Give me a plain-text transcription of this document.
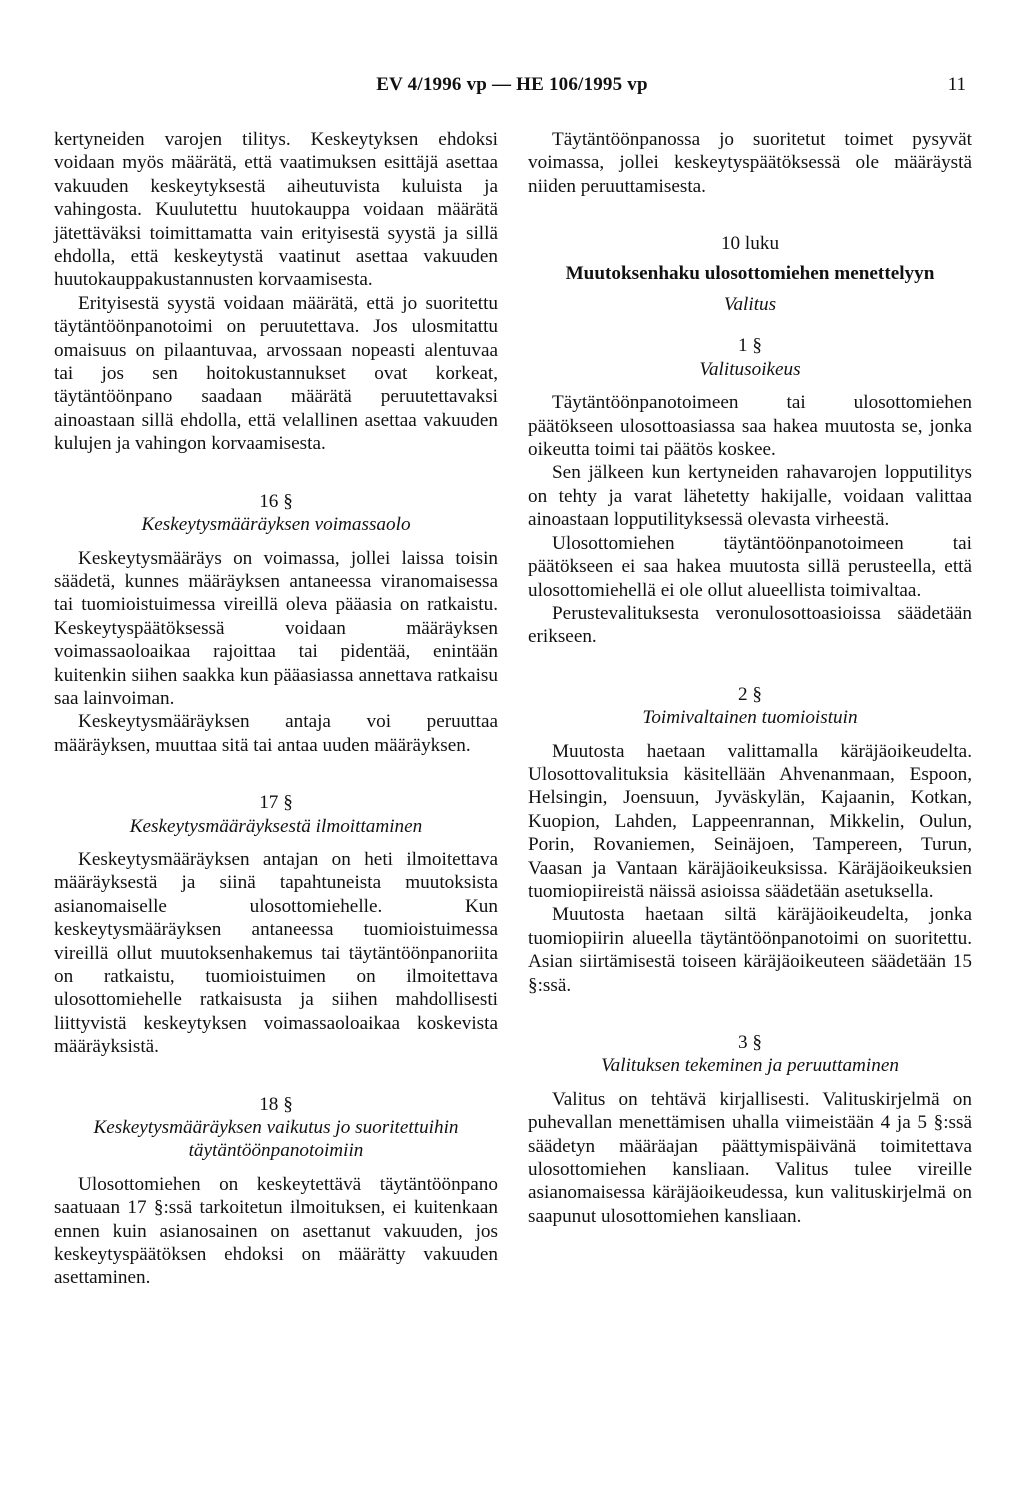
EV 4/1996 vp — HE 106/1995 vp	11

kertyneiden varojen tilitys. Keskeytyksen ehdoksi voidaan myös määrätä, että vaatimuksen esittäjä asettaa vakuuden keskeytyksestä aiheutuvista kuluista ja vahingosta. Kuulutettu huutokauppa voidaan määrätä jätettäväksi toimittamatta vain erityisestä syystä ja sillä ehdolla, että keskeytystä vaatinut asettaa vakuuden huutokauppakustannusten korvaamisesta.

Erityisestä syystä voidaan määrätä, että jo suoritettu täytäntöönpanotoimi on peruutettava. Jos ulosmitattu omaisuus on pilaantuvaa, arvossaan nopeasti alentuvaa tai jos sen hoitokustannukset ovat korkeat, täytäntöönpano saadaan määrätä peruutettavaksi ainoastaan sillä ehdolla, että velallinen asettaa vakuuden kulujen ja vahingon korvaamisesta.

16 §

Keskeytysmääräyksen voimassaolo

Keskeytysmääräys on voimassa, jollei laissa toisin säädetä, kunnes määräyksen antaneessa viranomaisessa tai tuomioistuimessa vireillä oleva pääasia on ratkaistu. Keskeytyspäätöksessä voidaan määräyksen voimassaoloaikaa rajoittaa tai pidentää, enintään kuitenkin siihen saakka kun pääasiassa annettava ratkaisu saa lainvoiman.

Keskeytysmääräyksen antaja voi peruuttaa määräyksen, muuttaa sitä tai antaa uuden määräyksen.

17 §

Keskeytysmääräyksestä ilmoittaminen

Keskeytysmääräyksen antajan on heti ilmoitettava määräyksestä ja siinä tapahtuneista muutoksista asianomaiselle ulosottomiehelle. Kun keskeytysmääräyksen antaneessa tuomioistuimessa vireillä ollut muutoksenhakemus tai täytäntöönpanoriita on ratkaistu, tuomioistuimen on ilmoitettava ulosottomiehelle ratkaisusta ja siihen mahdollisesti liittyvistä keskeytyksen voimassaoloaikaa koskevista määräyksistä.

18 §

Keskeytysmääräyksen vaikutus jo suoritettuihin täytäntöönpanotoimiin

Ulosottomiehen on keskeytettävä täytäntöönpano saatuaan 17 §:ssä tarkoitetun ilmoituksen, ei kuitenkaan ennen kuin asianosainen on asettanut vakuuden, jos keskeytyspäätöksen ehdoksi on määrätty vakuuden asettaminen.

Täytäntöönpanossa jo suoritetut toimet pysyvät voimassa, jollei keskeytyspäätöksessä ole määräystä niiden peruuttamisesta.

10 luku

Muutoksenhaku ulosottomiehen menettelyyn

Valitus

1 §

Valitusoikeus

Täytäntöönpanotoimeen tai ulosottomiehen päätökseen ulosottoasiassa saa hakea muutosta se, jonka oikeutta toimi tai päätös koskee.

Sen jälkeen kun kertyneiden rahavarojen lopputilitys on tehty ja varat lähetetty hakijalle, voidaan valittaa ainoastaan lopputilityksessä olevasta virheestä.

Ulosottomiehen täytäntöönpanotoimeen tai päätökseen ei saa hakea muutosta sillä perusteella, että ulosottomiehellä ei ole ollut alueellista toimivaltaa.

Perustevalituksesta veronulosottoasioissa säädetään erikseen.

2 §

Toimivaltainen tuomioistuin

Muutosta haetaan valittamalla käräjäoikeudelta. Ulosottovalituksia käsitellään Ahvenanmaan, Espoon, Helsingin, Joensuun, Jyväskylän, Kajaanin, Kotkan, Kuopion, Lahden, Lappeenrannan, Mikkelin, Oulun, Porin, Rovaniemen, Seinäjoen, Tampereen, Turun, Vaasan ja Vantaan käräjäoikeuksissa. Käräjäoikeuksien tuomiopiireistä näissä asioissa säädetään asetuksella.

Muutosta haetaan siltä käräjäoikeudelta, jonka tuomiopiirin alueella täytäntöönpanotoimi on suoritettu. Asian siirtämisestä toiseen käräjäoikeuteen säädetään 15 §:ssä.

3 §

Valituksen tekeminen ja peruuttaminen

Valitus on tehtävä kirjallisesti. Valituskirjelmä on puhevallan menettämisen uhalla viimeistään 4 ja 5 §:ssä säädetyn määräajan päättymispäivänä toimitettava ulosottomiehen kansliaan. Valitus tulee vireille asianomaisessa käräjäoikeudessa, kun valituskirjelmä on saapunut ulosottomiehen kansliaan.
